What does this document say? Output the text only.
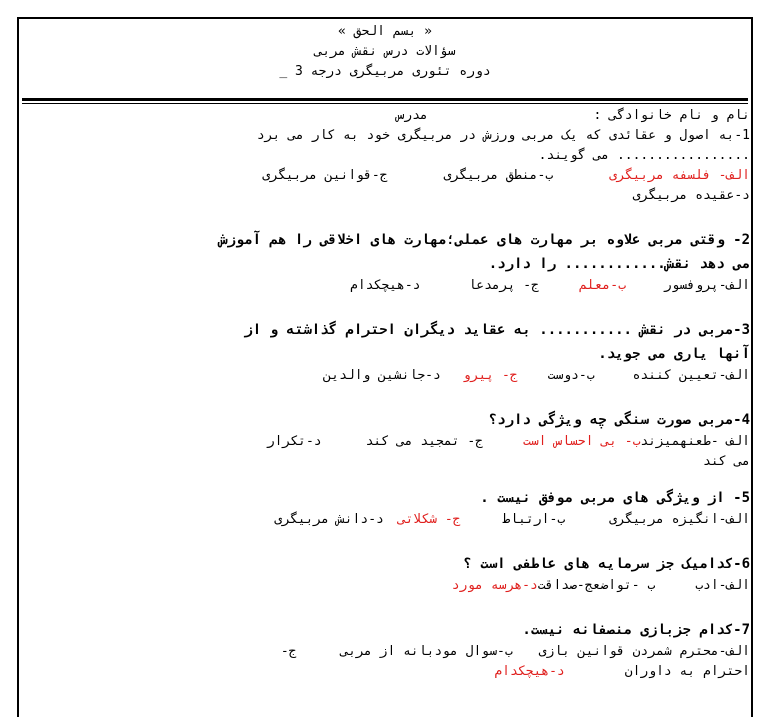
« بسم الحق »
سؤالات درس نقش مربی
دوره تئوری مربیگری درجه 3 _
نام و نام خانوادگی :  مدرس
1-به اصول و عقائدی که یک مربی ورزش در مربیگری خود به کار می برد
................. می گویند.
الف- فلسفه مربیگریب-منطق مربیگریج-قوانین مربیگری
د-عقیده مربیگری
2- وقتی مربی علاوه بر مهارت های عملی؛مهارت های اخلاقی را هم آموزش
می دهد نقش............ را دارد.
الف-پروفسورب-معلمج- پرمدعاد-هیچکدام
3-مربی در نقش ........... به عقاید دیگران احترام گذاشته و از
آنها یاری می جوید.
الف-تعیین کنندهب-دوستج- پیرود-جانشین والدین
4-مربی صورت سنگی چه ویژگی دارد؟
الف -طعنهمیزندب- بی احساس استج- تمجید می کندد-تکرار
می کند
5- از ویژگی های مربی موفق نیست .
الف-انگیزه مربیگریب-ارتباطج- شکلاتید-دانش مربیگری
6-کدامیک جز سرمایه های عاطفی است ؟
الف-ادبب -تواضعج-صداقتد-هرسه مورد
7-کدام جزبازی منصفانه نیست.
الف-محترم شمردن قوانین بازیب-سوال مودبانه از مربیج-
احترام به داوراند-هیچکدام
